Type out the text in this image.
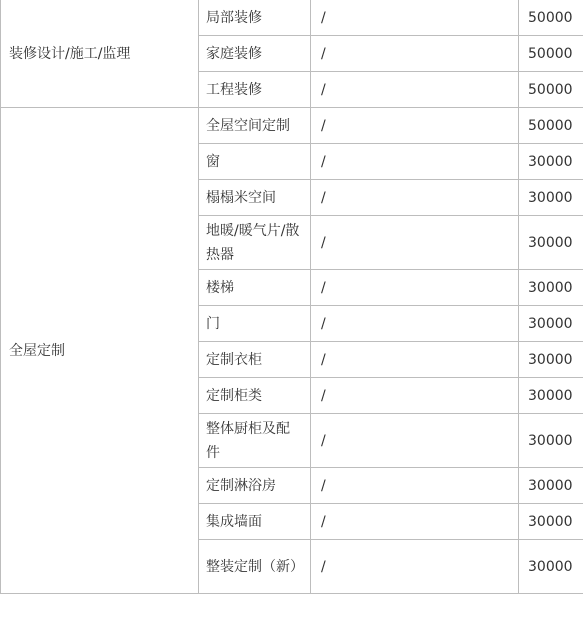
装修设计/施工/监理	局部装修	/	50000
	家庭装修	/	50000
	工程装修	/	50000
全屋定制	全屋空间定制	/	50000
	窗	/	30000
	榻榻米空间	/	30000
	地暖/暖气片/散热器	/	30000
	楼梯	/	30000
	门	/	30000
	定制衣柜	/	30000
	定制柜类	/	30000
	整体厨柜及配件	/	30000
	定制淋浴房	/	30000
	集成墙面	/	30000
	整装定制（新）	/	30000
